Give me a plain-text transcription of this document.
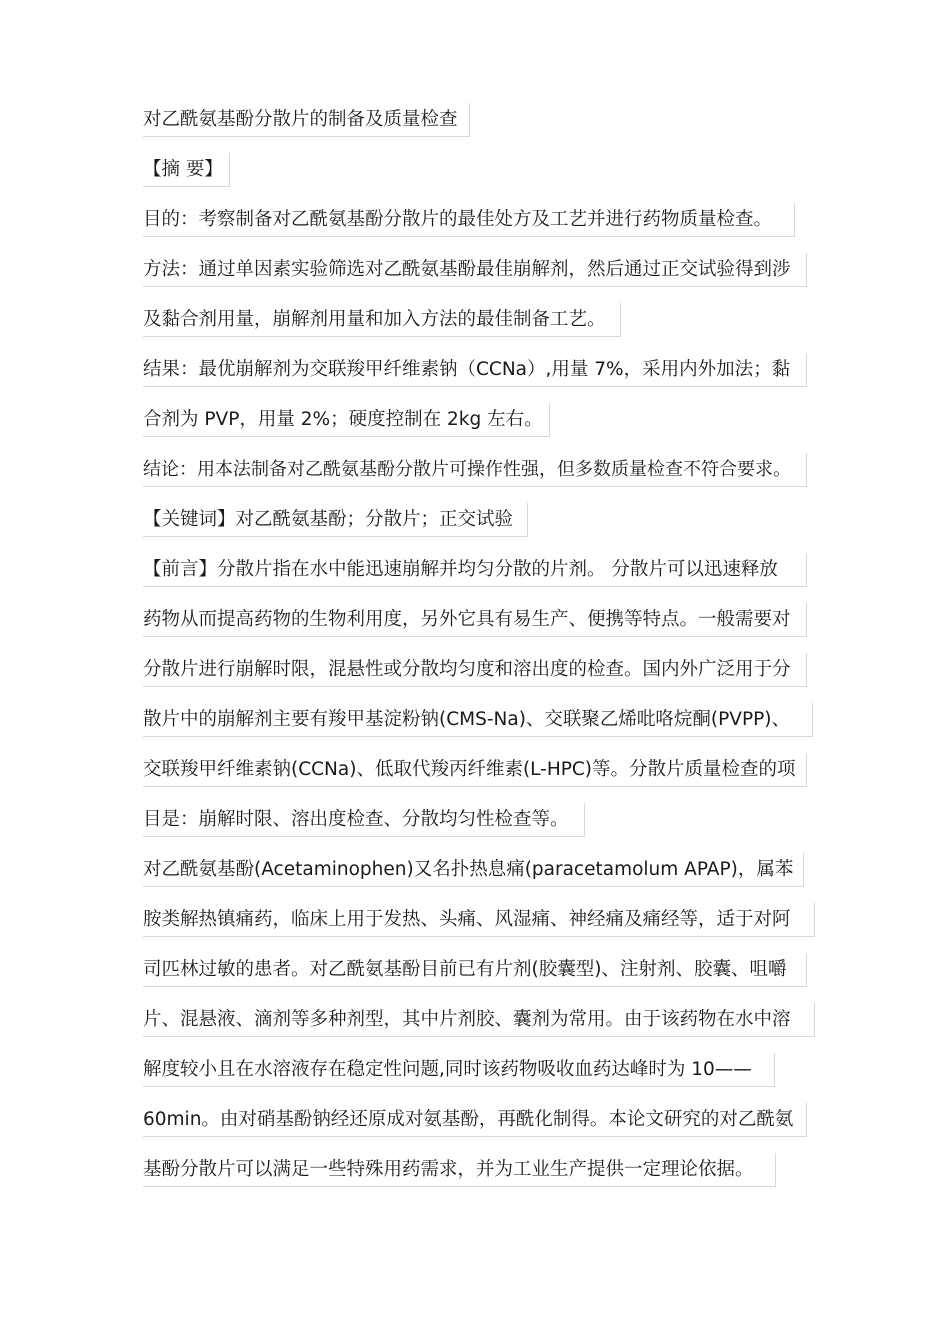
对乙酰氨基酚分散片的制备及质量检查
【摘 要】
目的：考察制备对乙酰氨基酚分散片的最佳处方及工艺并进行药物质量检查。
方法：通过单因素实验筛选对乙酰氨基酚最佳崩解剂，然后通过正交试验得到涉
及黏合剂用量，崩解剂用量和加入方法的最佳制备工艺。
结果：最优崩解剂为交联羧甲纤维素钠（CCNa）,用量 7%，采用内外加法；黏
合剂为 PVP，用量 2%；硬度控制在 2kg 左右。
结论：用本法制备对乙酰氨基酚分散片可操作性强，但多数质量检查不符合要求。
【关键词】对乙酰氨基酚；分散片；正交试验
【前言】分散片指在水中能迅速崩解并均匀分散的片剂。 分散片可以迅速释放
药物从而提高药物的生物利用度，另外它具有易生产、便携等特点。一般需要对
分散片进行崩解时限，混悬性或分散均匀度和溶出度的检查。国内外广泛用于分
散片中的崩解剂主要有羧甲基淀粉钠(CMS-Na)、交联聚乙烯吡咯烷酮(PVPP)、
交联羧甲纤维素钠(CCNa)、低取代羧丙纤维素(L-HPC)等。分散片质量检查的项
目是：崩解时限、溶出度检查、分散均匀性检查等。
对乙酰氨基酚(Acetaminophen)又名扑热息痛(paracetamolum APAP)，属苯
胺类解热镇痛药，临床上用于发热、头痛、风湿痛、神经痛及痛经等，适于对阿
司匹林过敏的患者。对乙酰氨基酚目前已有片剂(胶囊型)、注射剂、胶囊、咀嚼
片、混悬液、滴剂等多种剂型，其中片剂胶、囊剂为常用。由于该药物在水中溶
解度较小且在水溶液存在稳定性问题,同时该药物吸收血药达峰时为 10——
60min。由对硝基酚钠经还原成对氨基酚，再酰化制得。本论文研究的对乙酰氨
基酚分散片可以满足一些特殊用药需求，并为工业生产提供一定理论依据。
